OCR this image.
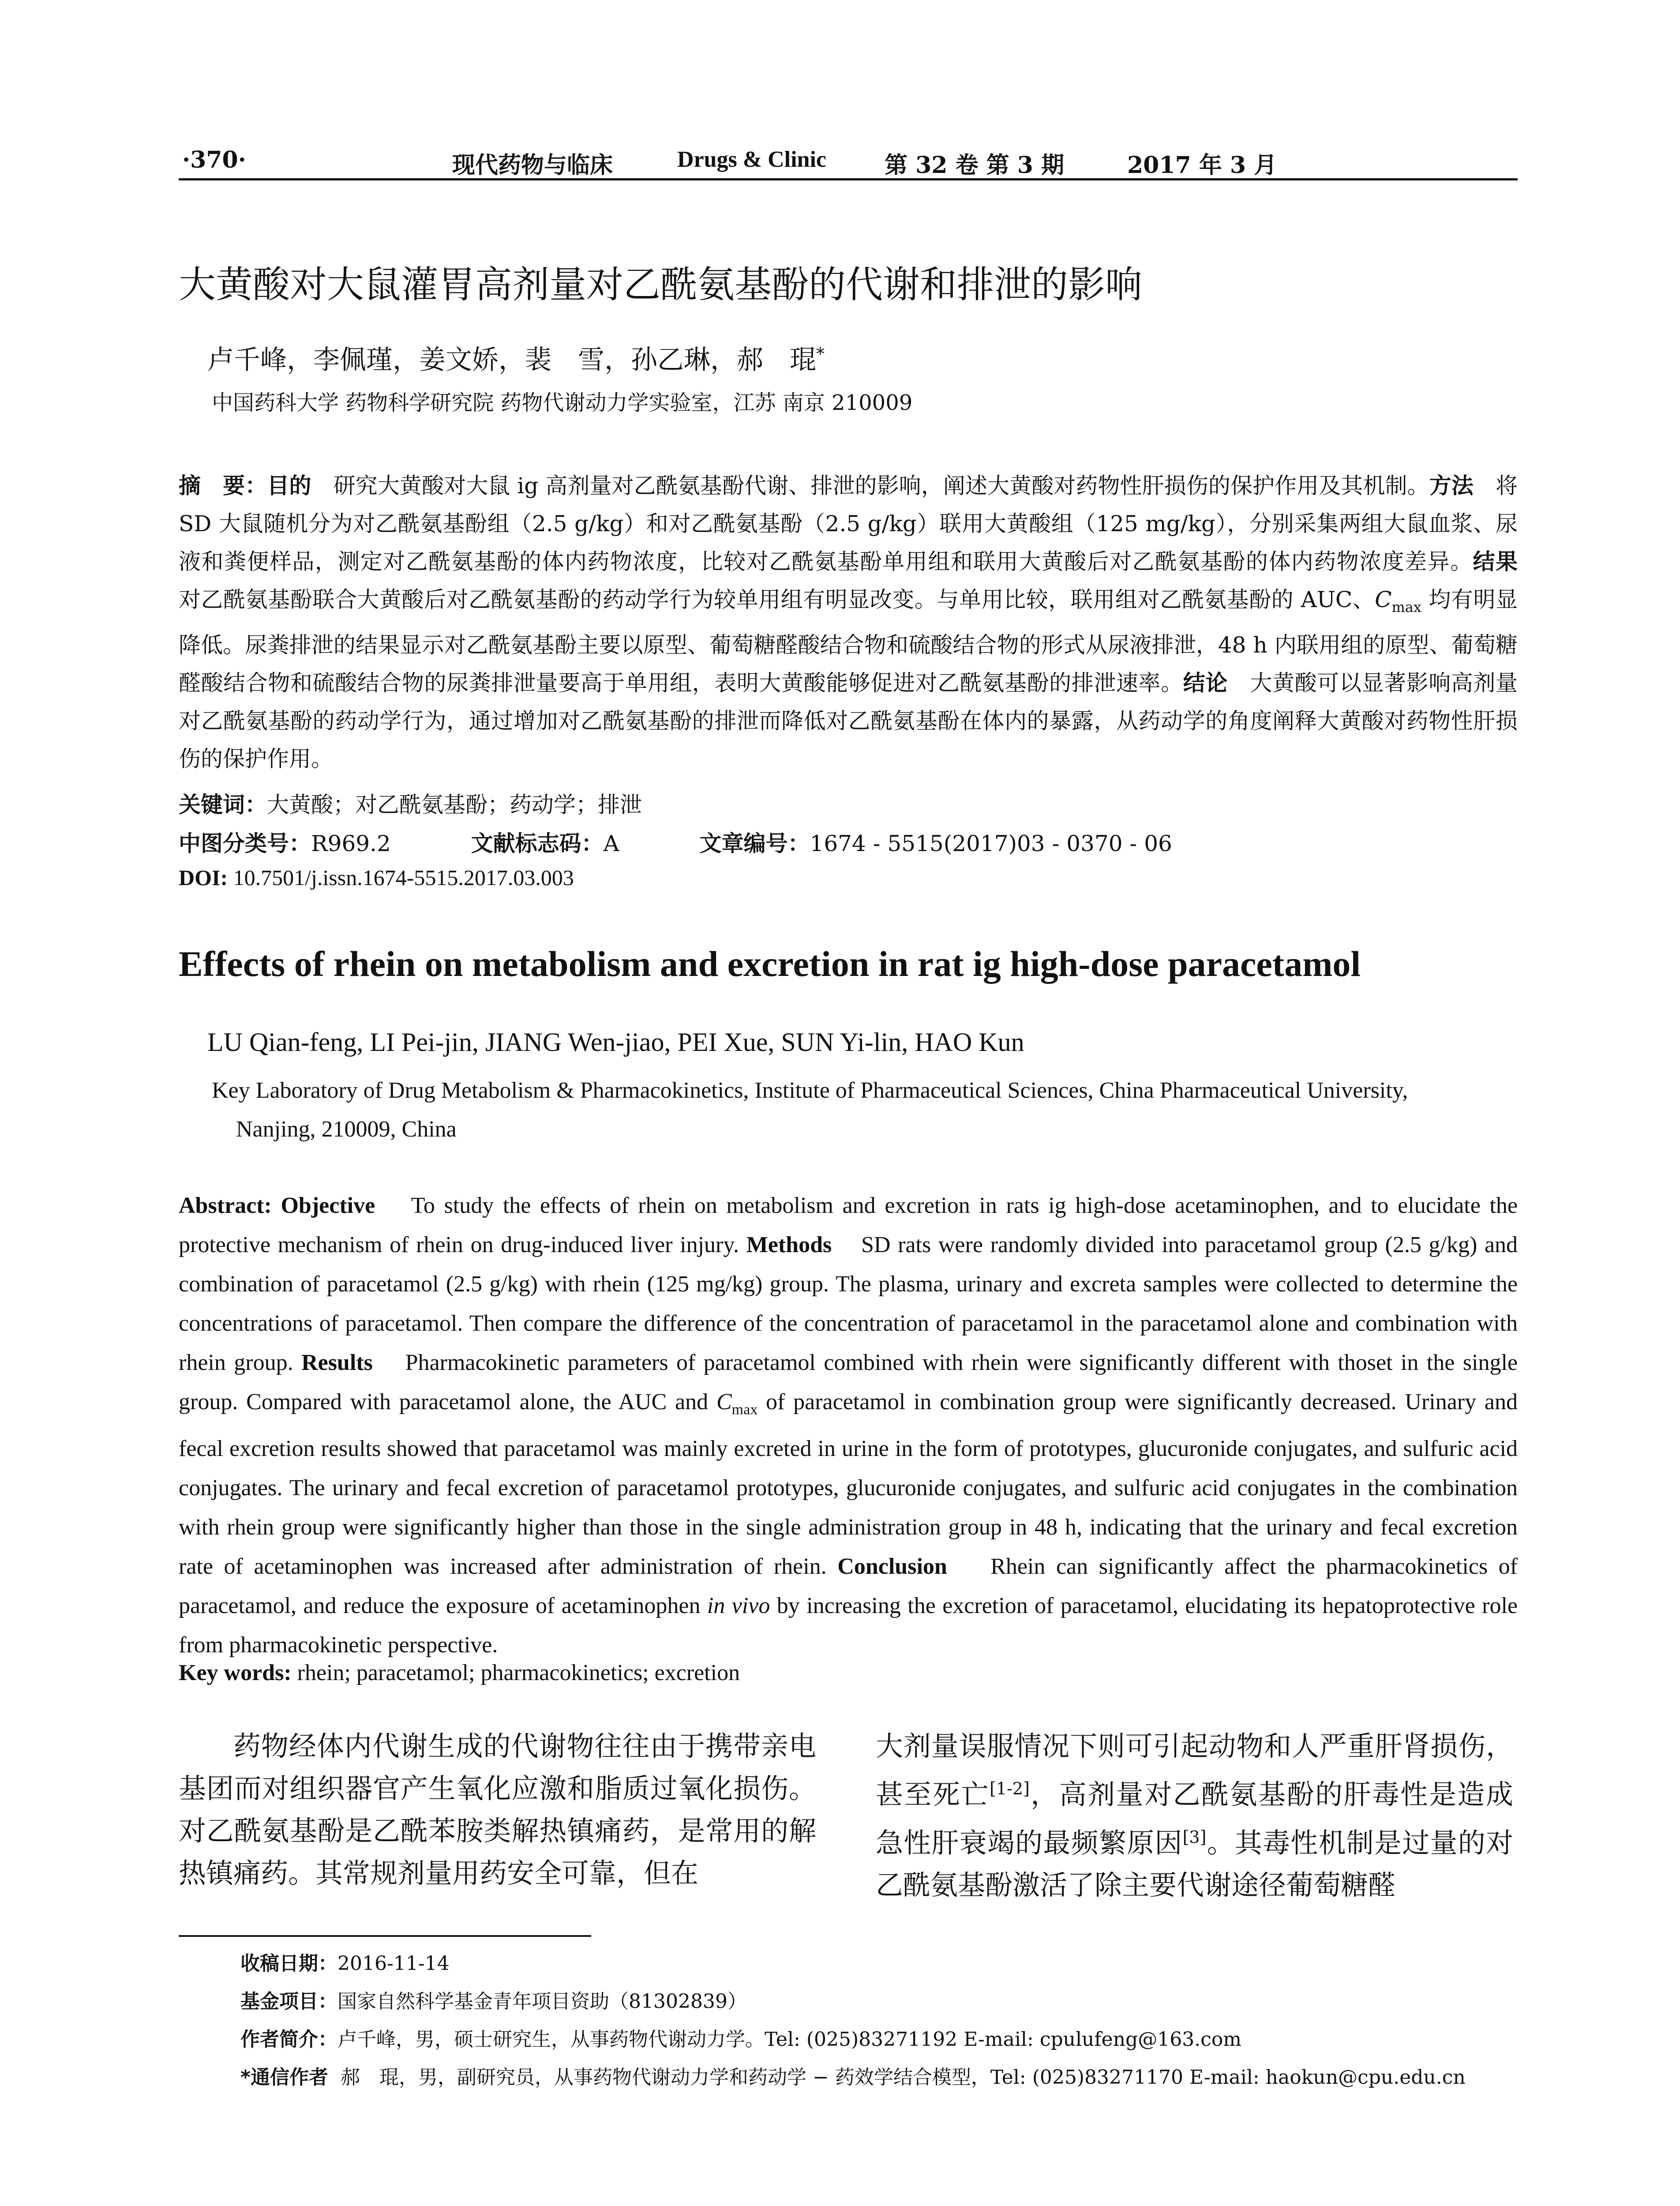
·370·	现代药物与临床	Drugs & Clinic	第 32 卷 第 3 期	2017 年 3 月
大黄酸对大鼠灌胃高剂量对乙酰氨基酚的代谢和排泄的影响
卢千峰，李佩瑾，姜文娇，裴　雪，孙乙琳，郝　琨*
中国药科大学 药物科学研究院 药物代谢动力学实验室，江苏 南京 210009
摘　要：目的　 研究大黄酸对大鼠 ig 高剂量对乙酰氨基酚代谢、排泄的影响，阐述大黄酸对药物性肝损伤的保护作用及其机制。方法　 将 SD 大鼠随机分为对乙酰氨基酚组（2.5 g/kg）和对乙酰氨基酚（2.5 g/kg）联用大黄酸组（125 mg/kg），分别采集两组大鼠血浆、尿液和粪便样品，测定对乙酰氨基酚的体内药物浓度，比较对乙酰氨基酚单用组和联用大黄酸后对乙酰氨基酚的体内药物浓度差异。结果　对乙酰氨基酚联合大黄酸后对乙酰氨基酚的药动学行为较单用组有明显改变。与单用比较，联用组对乙酰氨基酚的 AUC、$C_{max}$ 均有明显降低。尿粪排泄的结果显示对乙酰氨基酚主要以原型、葡萄糖醛酸结合物和硫酸结合物的形式从尿液排泄，48 h 内联用组的原型、葡萄糖醛酸结合物和硫酸结合物的尿粪排泄量要高于单用组，表明大黄酸能够促进对乙酰氨基酚的排泄速率。结论　 大黄酸可以显著影响高剂量对乙酰氨基酚的药动学行为，通过增加对乙酰氨基酚的排泄而降低对乙酰氨基酚在体内的暴露，从药动学的角度阐释大黄酸对药物性肝损伤的保护作用。
关键词：大黄酸；对乙酰氨基酚；药动学；排泄
中图分类号：R969.2	文献标志码：A	文章编号：1674 - 5515(2017)03 - 0370 - 06
DOI: 10.7501/j.issn.1674-5515.2017.03.003
Effects of rhein on metabolism and excretion in rat ig high-dose paracetamol
LU Qian-feng, LI Pei-jin, JIANG Wen-jiao, PEI Xue, SUN Yi-lin, HAO Kun
Key Laboratory of Drug Metabolism & Pharmacokinetics, Institute of Pharmaceutical Sciences, China Pharmaceutical University,
Nanjing, 210009, China
Abstract: Objective To study the effects of rhein on metabolism and excretion in rats ig high-dose acetaminophen, and to elucidate the protective mechanism of rhein on drug-induced liver injury. Methods SD rats were randomly divided into paracetamol group (2.5 g/kg) and combination of paracetamol (2.5 g/kg) with rhein (125 mg/kg) group. The plasma, urinary and excreta samples were collected to determine the concentrations of paracetamol. Then compare the difference of the concentration of paracetamol in the paracetamol alone and combination with rhein group. Results Pharmacokinetic parameters of paracetamol combined with rhein were significantly different with thoset in the single group. Compared with paracetamol alone, the AUC and $C_{max}$ of paracetamol in combination group were significantly decreased. Urinary and fecal excretion results showed that paracetamol was mainly excreted in urine in the form of prototypes, glucuronide conjugates, and sulfuric acid conjugates. The urinary and fecal excretion of paracetamol prototypes, glucuronide conjugates, and sulfuric acid conjugates in the combination with rhein group were significantly higher than those in the single administration group in 48 h, indicating that the urinary and fecal excretion rate of acetaminophen was increased after administration of rhein. Conclusion Rhein can significantly affect the pharmacokinetics of paracetamol, and reduce the exposure of acetaminophen in vivo by increasing the excretion of paracetamol, elucidating its hepatoprotective role from pharmacokinetic perspective.
Key words: rhein; paracetamol; pharmacokinetics; excretion
药物经体内代谢生成的代谢物往往由于携带亲电基团而对组织器官产生氧化应激和脂质过氧化损伤。对乙酰氨基酚是乙酰苯胺类解热镇痛药，是常用的解热镇痛药。其常规剂量用药安全可靠，但在
大剂量误服情况下则可引起动物和人严重肝肾损伤，甚至死亡[1-2]，高剂量对乙酰氨基酚的肝毒性是造成急性肝衰竭的最频繁原因[3]。其毒性机制是过量的对乙酰氨基酚激活了除主要代谢途径葡萄糖醛
收稿日期：2016-11-14
基金项目：国家自然科学基金青年项目资助（81302839）
作者简介：卢千峰，男，硕士研究生，从事药物代谢动力学。Tel: (025)83271192 E-mail: cpulufeng@163.com
*通信作者 郝　琨，男，副研究员，从事药物代谢动力学和药动学 − 药效学结合模型，Tel: (025)83271170 E-mail: haokun@cpu.edu.cn
